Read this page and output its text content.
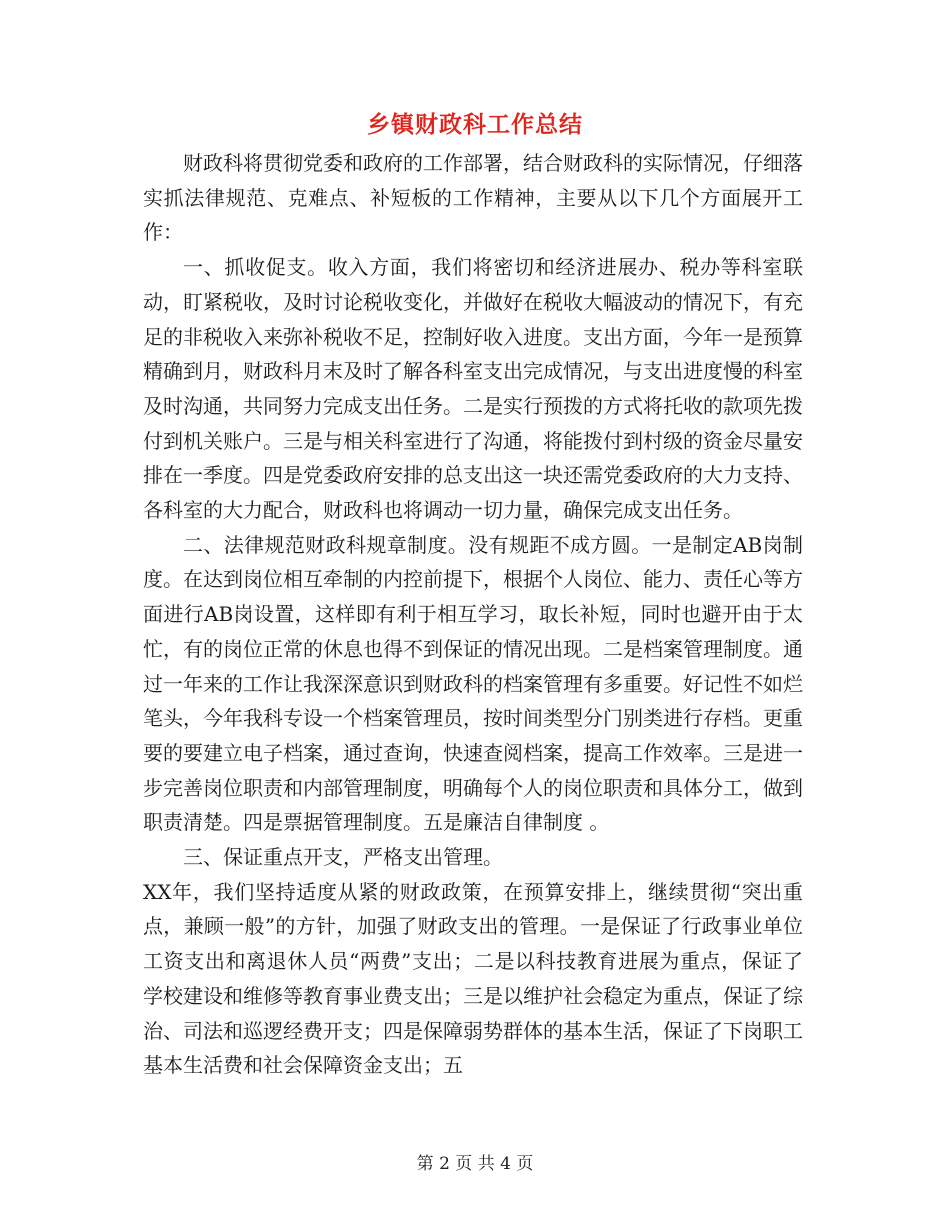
乡镇财政科工作总结

财政科将贯彻党委和政府的工作部署，结合财政科的实际情况，仔细落实抓法律规范、克难点、补短板的工作精神，主要从以下几个方面展开工作：

一、抓收促支。收入方面，我们将密切和经济进展办、税办等科室联动，盯紧税收，及时讨论税收变化，并做好在税收大幅波动的情况下，有充足的非税收入来弥补税收不足，控制好收入进度。支出方面，今年一是预算精确到月，财政科月末及时了解各科室支出完成情况，与支出进度慢的科室及时沟通，共同努力完成支出任务。二是实行预拨的方式将托收的款项先拨付到机关账户。三是与相关科室进行了沟通，将能拨付到村级的资金尽量安排在一季度。四是党委政府安排的总支出这一块还需党委政府的大力支持、各科室的大力配合，财政科也将调动一切力量，确保完成支出任务。

二、法律规范财政科规章制度。没有规距不成方圆。一是制定AB岗制度。在达到岗位相互牵制的内控前提下，根据个人岗位、能力、责任心等方面进行AB岗设置，这样即有利于相互学习，取长补短，同时也避开由于太忙，有的岗位正常的休息也得不到保证的情况出现。二是档案管理制度。通过一年来的工作让我深深意识到财政科的档案管理有多重要。好记性不如烂笔头，今年我科专设一个档案管理员，按时间类型分门别类进行存档。更重要的要建立电子档案，通过查询，快速查阅档案，提高工作效率。三是进一步完善岗位职责和内部管理制度，明确每个人的岗位职责和具体分工，做到职责清楚。四是票据管理制度。五是廉洁自律制度 。

三、保证重点开支，严格支出管理。

XX年，我们坚持适度从紧的财政政策，在预算安排上，继续贯彻“突出重点，兼顾一般”的方针，加强了财政支出的管理。一是保证了行政事业单位工资支出和离退休人员“两费”支出；二是以科技教育进展为重点，保证了学校建设和维修等教育事业费支出；三是以维护社会稳定为重点，保证了综治、司法和巡逻经费开支；四是保障弱势群体的基本生活，保证了下岗职工基本生活费和社会保障资金支出；五

第 2 页 共 4 页
